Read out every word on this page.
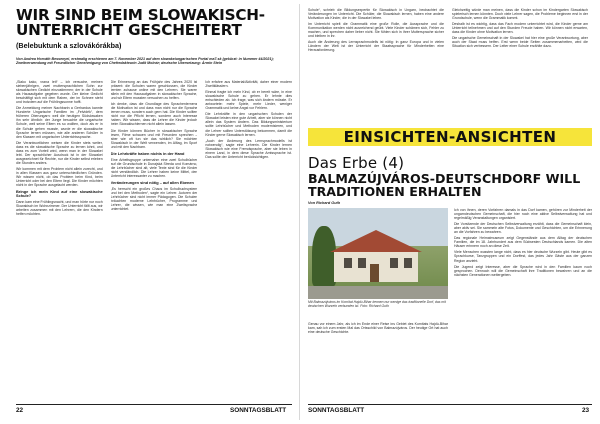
WIR SIND BEIM SLOWAKISCH-UNTERRICHT GESCHEITERT
(Belebuktunk a szlovákórákba)
Von Andrea Horváth Bessenyei, erstmalig erschienen am 7. November 2021 auf dem slowakeiungarischen Portal ma7.sk (gekürzt: in Nummer 44/2021); Zweitverwendung mit Freundlicher Genehmigung von Chefredakteurin Judit Molnár; deutsche Übersetzung: Ármin Stein

„Slako kako, vrana leti“ – ich versuche, meinen siebenjährigen, zwei muttersprachlichen Sohn zur slowakischen Gedicht einzustimmen; der in der Schule als Hausaufgabe gegeben wurde. Der kleine Gedicht beschäftigt sich mit dem Raben, der im Schnee steht und trotzdem auf die Frühlingssonne hofft.

Die Anmeldung meiner Nachbarin a Gerhardus kannte Hunderte Ungarische Familien im „Felvidék“, dem früheren Oberungarn: weil die heutigen Südslowaken ihn sehr ähnlich: der Junge besuchte die ungarische Schule, weil seine Eltern es so wollten, doch als er in die Schule gehen musste, wurde er die slowakische Sprache lernen müssen, wie alle anderen Schüler in den Klassen mit ungarischer Unterrichtssprache.

Die Verantwortlichen weisen die Kinder stets weiter, dass es die slowakische Sprache zu lernen lohnt, und dass es zum Vorteil wird, wenn man in der Slowakei lebt. Der sprachlicher Ausdruck ist in der Slowakei ausgezeichnet für Rechte, nur die Kinder selbst erleben die Stunden anders.

Wir kommen mit dem Problem nicht allein zurecht, und in allen Klassen aus ganz unterschiedlichen Gründen. Wir wissen nicht, ob das Problem beim Kind, beim Unterricht oder bei den Eltern liegt. Die Kinder möchten nicht in der Sprache ausgelacht werden.

Bringe ich mein Kind auf eine slowakische Schule?

Dann kam eine Frühlingsnacht, und man hörte nur noch Slowakisch im Wohnzimmer. Der Unterricht fällt aus, wir arbeiten zusammen mit den Lehrern, die den Kindern helfen möchten.

Die Erinnerung an das Frühjahr des Jahres 2020 ist präsent: die Schulen waren geschlossen, die Kinder lernten zuhause online mit den Lehrern. Sie waren allein mit den Hausaufgaben in slowakischer Sprache, und wir Eltern mussten versuchen zu helfen.

Ich denke, dass die Grundlage des Sprachenlernens die Motivation ist und dass man nicht nur die Sprache lernen muss, sondern auch gern hat. Die Kinder sollten nicht nur die Pflicht lernen, sondern auch Interesse haben. Wir wissen, dass die Lehrer die Kinder jedoch beim Slowakischlernen nicht allein lassen.

Die Kinder können Bücher in slowakischer Sprache lesen, Filme schauen und mit Freunden sprechen – aber wie oft tun sie das wirklich? Sie möchten Slowakisch in der Welt verwenden, im Alltag, im Sport und mit den Nachbarn.

Die Lehrkräfte haben nichts in der Hand

Eine Arbeitsgruppe unternahm eine zwei Schulbücher auf die Grundschule in Dunajská Streda und Komárno, die Lehrbücher sind alt, viele Texte sind für die Kinder nicht verständlich. Die Lehrer haben keine Mittel, den Unterricht interessanter zu machen.

Veränderungen sind nötig – auf allen Ebenen

„Es herrscht ein großes Chaos im Schulbuchsystem und bei den Methoden“, sagte ein Lehrer. Autoren der Lehrbücher sind nicht immer Pädagogen. Die Schulen bräuchten moderne Lehrbücher, Programme und Lehrer, die wissen, wie man eine Zweitsprache unterrichtet.

Ich erfahre aus Material/Aktivität, daher einer modern Zweitklässlern.

Einmal fragte ich mein Kind, ob er bereit wäre, in eine slowakische Schule zu gehen. Er lehnte dies entschieden ab. Ich frage, was sich ändern müsste. Er antwortete: mehr Spiele, mehr Lieder, weniger Grammatik und keine Angst vor Fehlern.

Die Lehrkräfte in den ungarischen Schulen der Slowakei leisten eine gute Arbeit, aber sie können nicht allein das System ändern. Das Bildungsministerium sollte Lehrbücher und Methoden modernisieren, und die Lehrer sollten Unterstützung bekommen, damit die Kinder gerne Slowakisch lernen.

„Auch der Änderung des Lernsprachmodells ist notwendig“, sagte eine Lehrerin. Die Kinder lernen Slowakisch wie eine Fremdsprache, aber sie leben in einem Land, in dem diese Sprache Amtssprache ist. Das sollte der Unterricht berücksichtigen.

22	SONNTAGSBLATT

Schule“, schrieb die Bildungsexpertin für Slowakisch in Ungarn, beobachtet die Veränderungen im Unterricht. Die Schüler, die Slowakisch lernen, haben eine andere Motivation als Kinder, die in der Slowakei leben.

Im Unterricht spielt die Grammatik eine große Rolle, die Aussprache und die Kommunikation werden nicht ausreichend geübt. Viele Kinder schämen sich, Fehler zu machen, und sprechen daher lieber nicht. Sie fühlen sich in ihrer Muttersprache sicher und bleiben in ihr.

Auch die Änderung des Lernsprachmodells ist nötig: In ganz Europa und in vielen Ländern der Welt ist der Unterricht der Staatssprache für Minderheiten eine Herausforderung.

Gleichzeitig würde man meinen, dass die Kinder schon im Kindergarten Slowakisch spielerisch lernen könnten. Doch viele Lehrer sagen, die Probleme beginnen erst in der Grundschule, wenn die Grammatik kommt.

Deshalb ist es wichtig, dass das Fach modern unterrichtet wird, die Kinder gerne am Unterricht teilnehmen und auf den Stunden Freude haben. Wir können nicht erwarten, dass die Kinder ohne Motivation lernen.

Die ungarische Gemeinschaft in der Slowakei hat hier eine große Verantwortung, aber auch der Staat muss helfen. Erst wenn beide Seiten zusammenarbeiten, wird die Situation sich verbessern. Der Leiter einer Schule erzählte dazu.

EINSICHTEN-ANSICHTEN
Das Erbe (4)
BALMAZÚJVÁROS-DEUTSCHDORF WILL TRADITIONEN ERHALTEN
Von Richard Guth
Mit Balmazújváros im Komitat Hajdú-Bihar kennen nur wenige das traditionelle Dorf, das mit deutschen Wurzeln verbunden ist. Foto: Richard Guth

Genau vor einem Jahr, als ich im Ende einer Reise ins Gebiet des Komitats Hajdú-Bihar kam, sah ich zum ersten Mal das Ortsschild von Balmazújváros. Der heutige Ort hat auch eine deutsche Geschichte.

Ich von ihnen, deren Vorfahren damals in das Dorf kamen, gehören zur Minderheit der ungarndeutschen Gemeinschaft, die hier noch eine aktive Selbstverwaltung hat und regelmäßig Veranstaltungen organisiert.

Die Vorsitzende der Deutschen Selbstverwaltung erzählt, dass die Gemeinschaft klein, aber aktiv sei. Sie sammeln alte Fotos, Dokumente und Geschichten, um die Erinnerung an die Vorfahren zu bewahren.

Das regionale Heimatmuseum zeigt Gegenstände aus dem Alltag der deutschen Familien, die im 18. Jahrhundert aus dem Südwesten Deutschlands kamen. Die alten Häuser erinnern noch an diese Zeit.

Viele Menschen wussten lange nicht, dass es hier deutsche Wurzeln gibt. Heute gibt es Sprachkurse, Tanzgruppen und ein Dorffest, das jedes Jahr Gäste aus der ganzen Region anzieht.

Die Jugend zeigt Interesse, aber die Sprache wird in den Familien kaum noch gesprochen. Dennoch will die Gemeinschaft ihre Traditionen bewahren und an die nächsten Generationen weitergeben.

SONNTAGSBLATT	23
